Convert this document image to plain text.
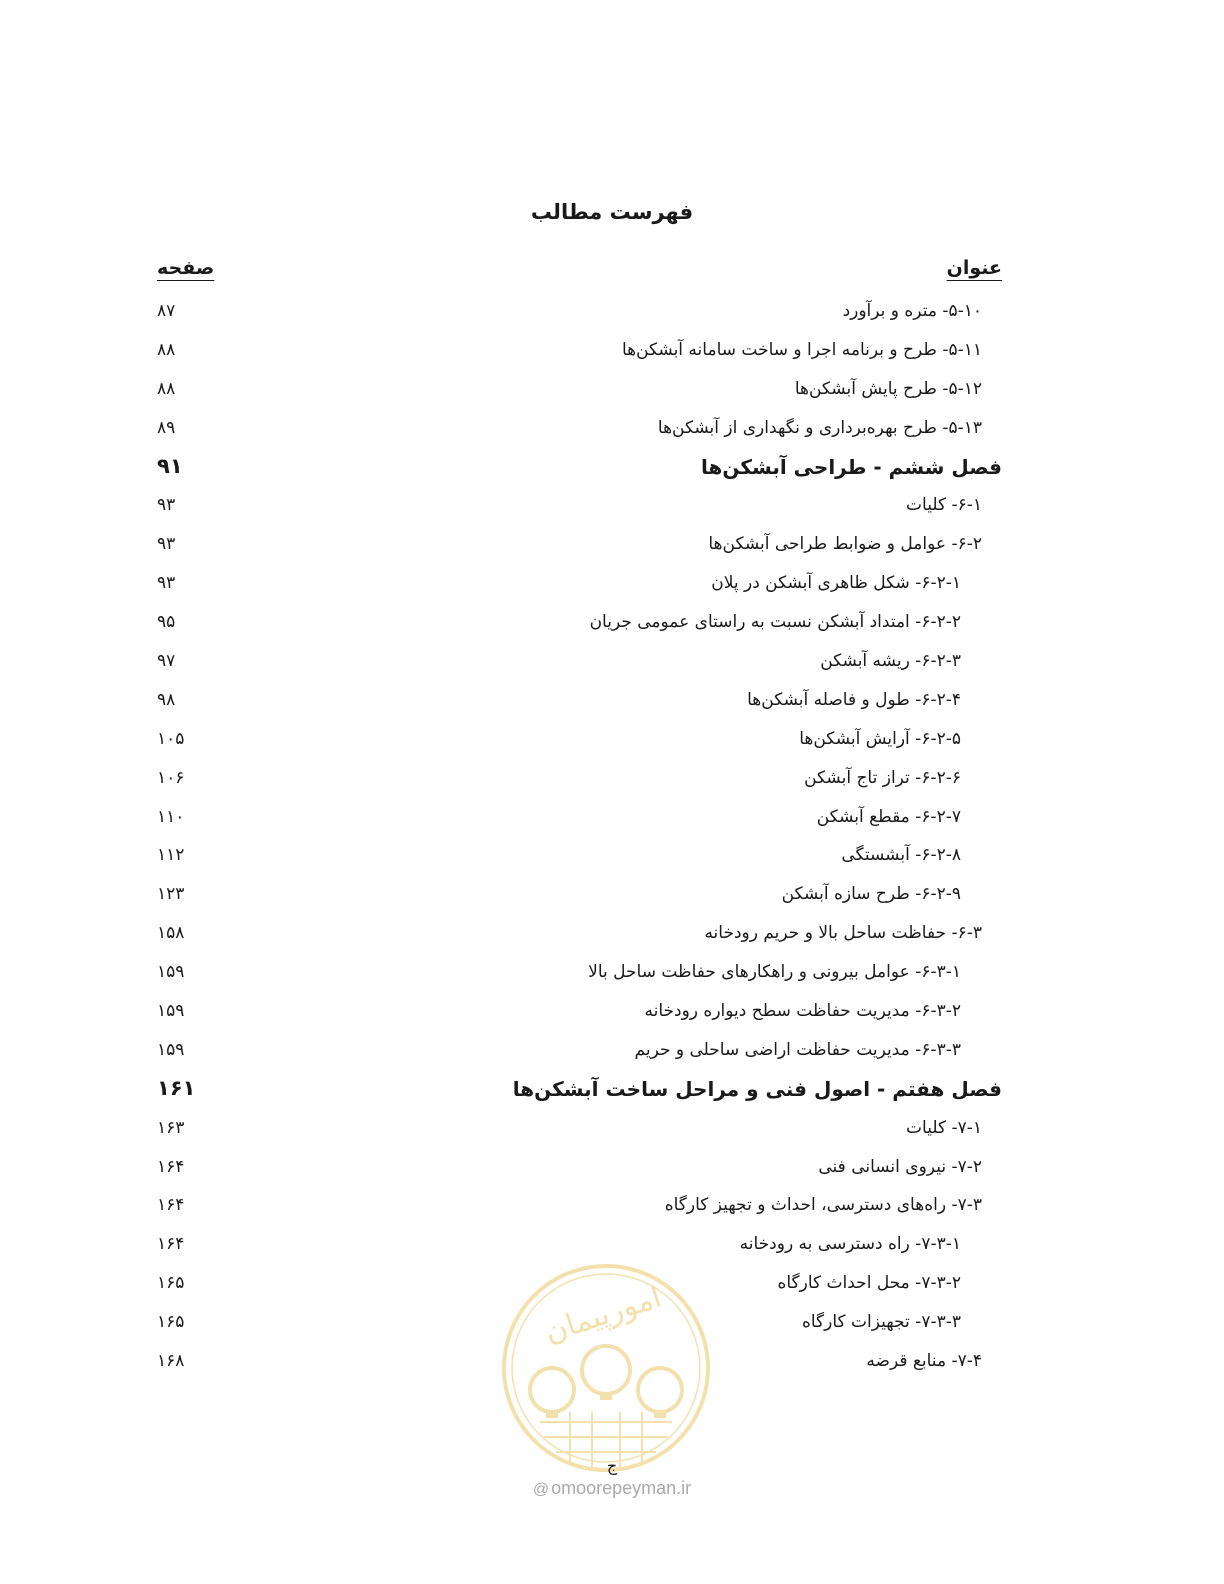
فهرست مطالب
عنوان
صفحه
۵-۱۰- متره و برآورد
۸۷
۵-۱۱- طرح و برنامه اجرا و ساخت سامانه آبشکن‌ها
۸۸
۵-۱۲- طرح پایش آبشکن‌ها
۸۸
۵-۱۳- طرح بهره‌برداری و نگهداری از آبشکن‌ها
۸۹
فصل ششم - طراحی آبشکن‌ها
۹۱
۶-۱- کلیات
۹۳
۶-۲- عوامل و ضوابط طراحی آبشکن‌ها
۹۳
۶-۲-۱- شکل ظاهری آبشکن در پلان
۹۳
۶-۲-۲- امتداد آبشکن نسبت به راستای عمومی جریان
۹۵
۶-۲-۳- ریشه آبشکن
۹۷
۶-۲-۴- طول و فاصله آبشکن‌ها
۹۸
۶-۲-۵- آرایش آبشکن‌ها
۱۰۵
۶-۲-۶- تراز تاج آبشکن
۱۰۶
۶-۲-۷- مقطع آبشکن
۱۱۰
۶-۲-۸- آبشستگی
۱۱۲
۶-۲-۹- طرح سازه آبشکن
۱۲۳
۶-۳- حفاظت ساحل بالا و حریم رودخانه
۱۵۸
۶-۳-۱- عوامل بیرونی و راهکارهای حفاظت ساحل بالا
۱۵۹
۶-۳-۲- مدیریت حفاظت سطح دیواره رودخانه
۱۵۹
۶-۳-۳- مدیریت حفاظت اراضی ساحلی و حریم
۱۵۹
فصل هفتم - اصول فنی و مراحل ساخت آبشکن‌ها
۱۶۱
۷-۱- کلیات
۱۶۳
۷-۲- نیروی انسانی فنی
۱۶۴
۷-۳- راه‌های دسترسی، احداث و تجهیز کارگاه
۱۶۴
۷-۳-۱- راه دسترسی به رودخانه
۱۶۴
۷-۳-۲- محل احداث کارگاه
۱۶۵
۷-۳-۳- تجهیزات کارگاه
۱۶۵
۷-۴- منابع قرضه
۱۶۸
امورپیمان
ج
@ omoorepeyman.ir
